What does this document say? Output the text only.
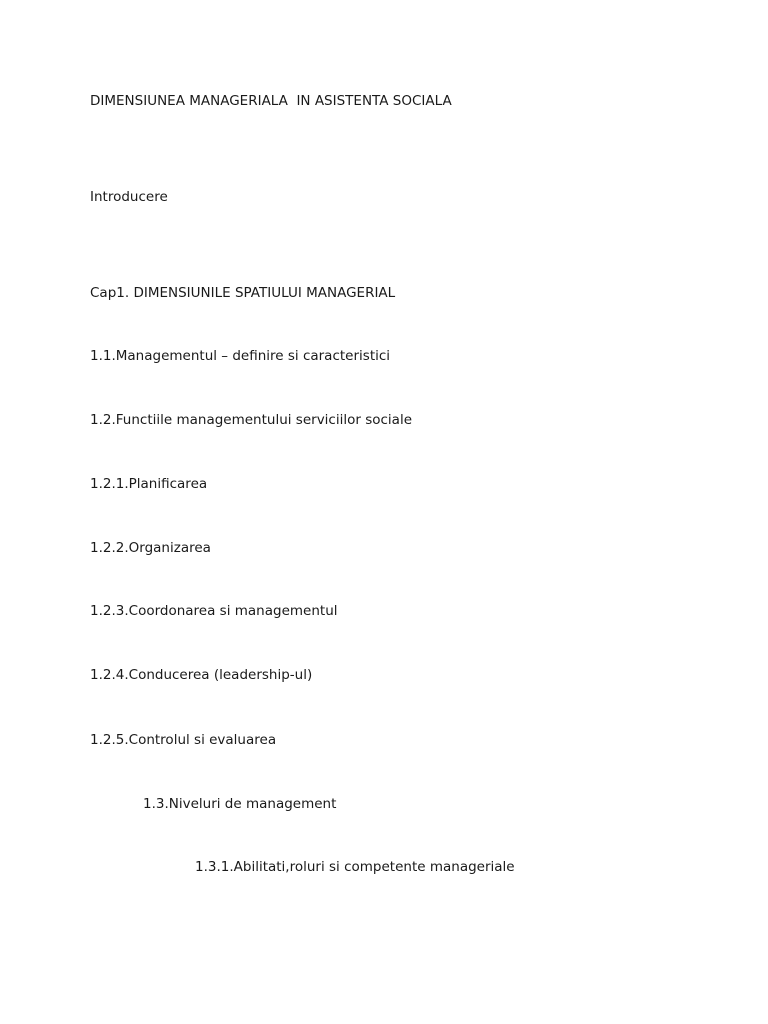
DIMENSIUNEA MANAGERIALA  IN ASISTENTA SOCIALA

Introducere

Cap1. DIMENSIUNILE SPATIULUI MANAGERIAL

1.1.Managementul – definire si caracteristici

1.2.Functiile managementului serviciilor sociale

1.2.1.Planificarea

1.2.2.Organizarea

1.2.3.Coordonarea si managementul

1.2.4.Conducerea (leadership-ul)

1.2.5.Controlul si evaluarea

1.3.Niveluri de management

1.3.1.Abilitati,roluri si competente manageriale
